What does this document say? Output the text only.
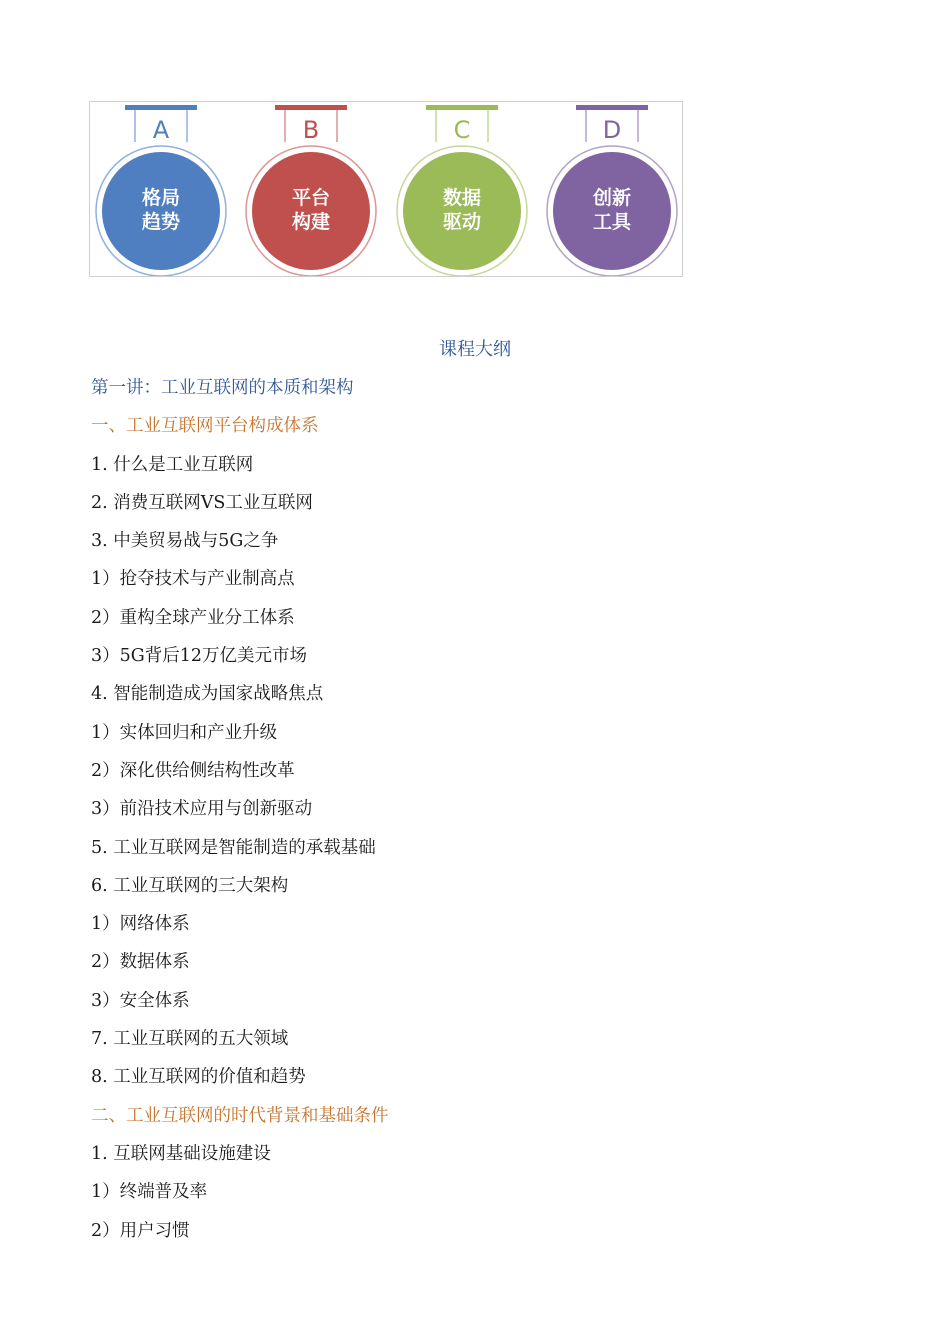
A
格局
趋势
B
平台
构建
C
数据
驱动
D
创新
工具
课程大纲
第一讲：工业互联网的本质和架构
一、工业互联网平台构成体系
1. 什么是工业互联网
2. 消费互联网VS工业互联网
3. 中美贸易战与5G之争
1）抢夺技术与产业制高点
2）重构全球产业分工体系
3）5G背后12万亿美元市场
4. 智能制造成为国家战略焦点
1）实体回归和产业升级
2）深化供给侧结构性改革
3）前沿技术应用与创新驱动
5. 工业互联网是智能制造的承载基础
6. 工业互联网的三大架构
1）网络体系
2）数据体系
3）安全体系
7. 工业互联网的五大领域
8. 工业互联网的价值和趋势
二、工业互联网的时代背景和基础条件
1. 互联网基础设施建设
1）终端普及率
2）用户习惯
